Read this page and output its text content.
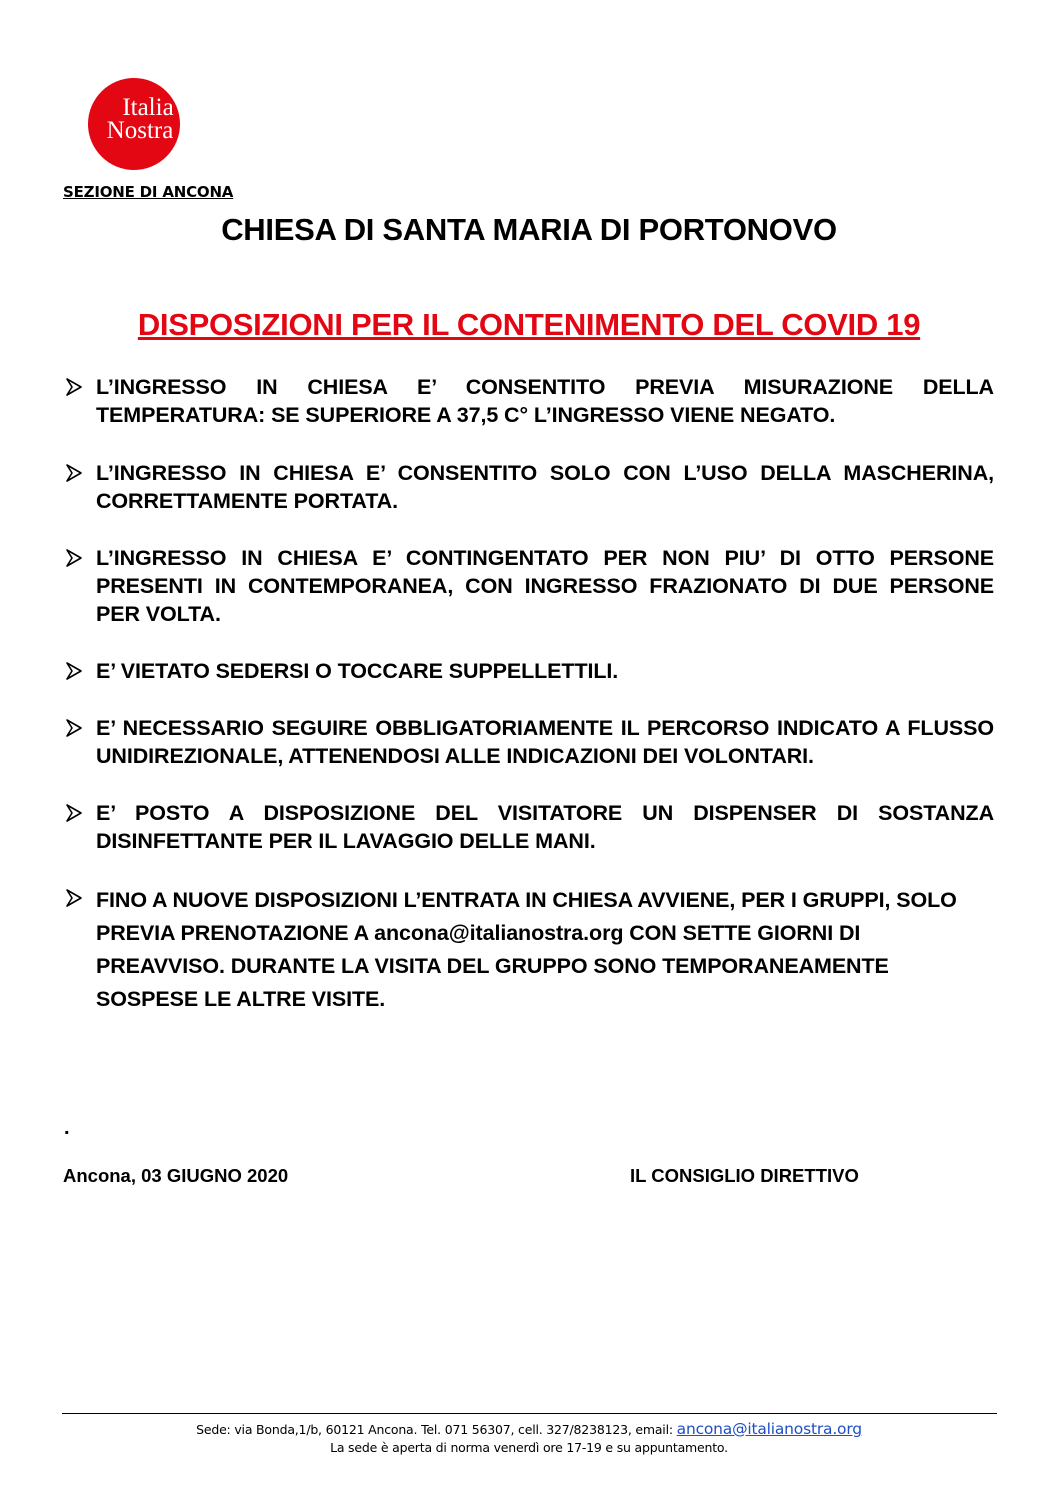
Italia
Nostra
SEZIONE DI ANCONA
CHIESA DI SANTA MARIA DI PORTONOVO
DISPOSIZIONI PER IL CONTENIMENTO DEL COVID 19
L’INGRESSO IN CHIESA E’ CONSENTITO PREVIA MISURAZIONE DELLA TEMPERATURA: SE SUPERIORE A 37,5 C° L’INGRESSO VIENE NEGATO.
L’INGRESSO IN CHIESA E’ CONSENTITO SOLO CON L’USO DELLA MASCHERINA, CORRETTAMENTE PORTATA.
L’INGRESSO IN CHIESA E’ CONTINGENTATO PER NON PIU’ DI OTTO PERSONE PRESENTI IN CONTEMPORANEA, CON INGRESSO FRAZIONATO DI DUE PERSONE PER VOLTA.
E’ VIETATO SEDERSI O TOCCARE SUPPELLETTILI.
E’ NECESSARIO SEGUIRE OBBLIGATORIAMENTE IL PERCORSO INDICATO A FLUSSO UNIDIREZIONALE, ATTENENDOSI ALLE INDICAZIONI DEI VOLONTARI.
E’ POSTO A DISPOSIZIONE DEL VISITATORE UN DISPENSER DI SOSTANZA DISINFETTANTE PER IL LAVAGGIO DELLE MANI.
FINO A NUOVE DISPOSIZIONI L’ENTRATA IN CHIESA AVVIENE, PER I GRUPPI, SOLO PREVIA PRENOTAZIONE A ancona@italianostra.org CON SETTE GIORNI DI PREAVVISO. DURANTE LA VISITA DEL GRUPPO SONO TEMPORANEAMENTE SOSPESE LE ALTRE VISITE.
.
Ancona, 03 GIUGNO 2020	IL CONSIGLIO DIRETTIVO
Sede: via Bonda,1/b, 60121 Ancona. Tel. 071 56307, cell. 327/8238123, email: ancona@italianostra.org
La sede è aperta di norma venerdì ore 17-19 e su appuntamento.
